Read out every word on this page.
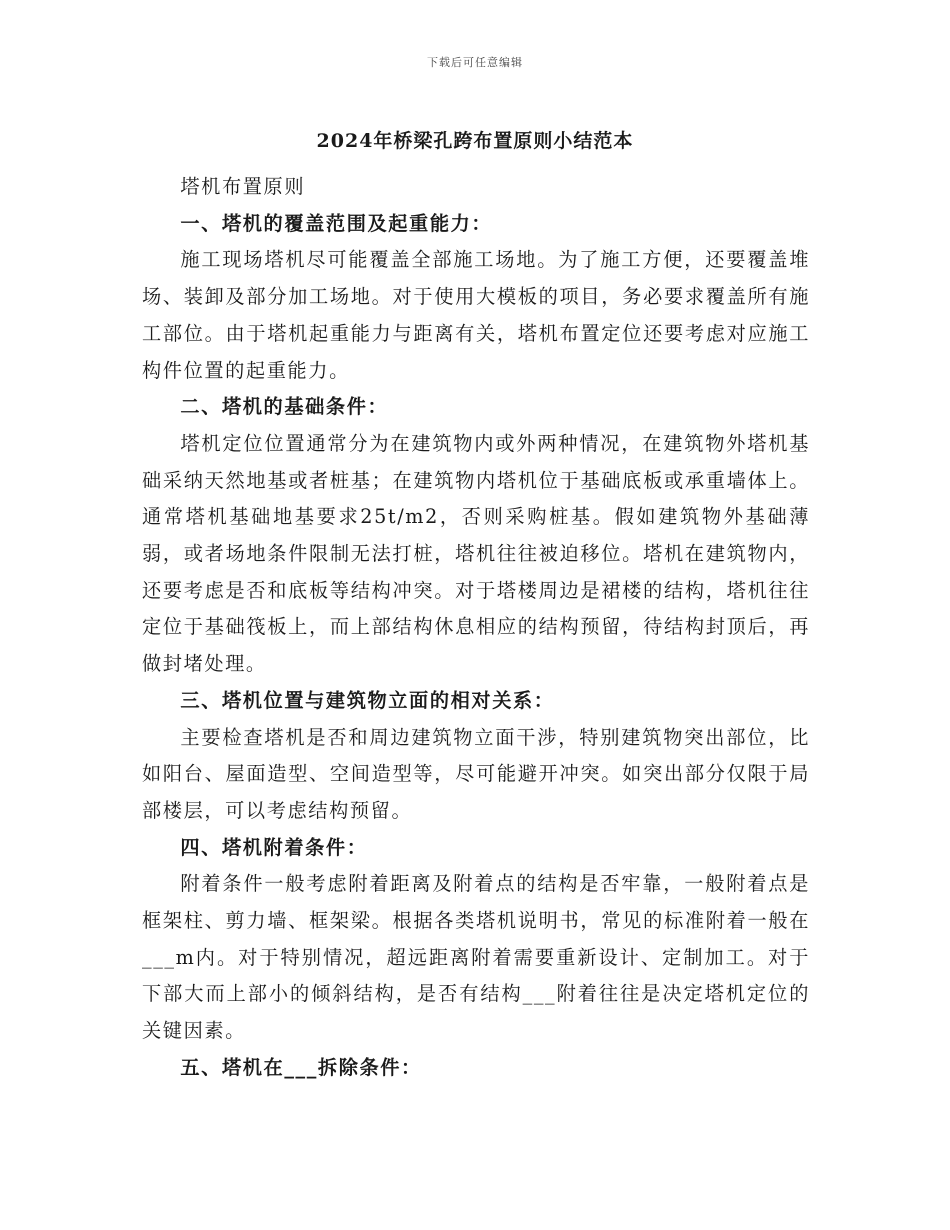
下载后可任意编辑
2024年桥梁孔跨布置原则小结范本

塔机布置原则

一、塔机的覆盖范围及起重能力：

施工现场塔机尽可能覆盖全部施工场地。为了施工方便，还要覆盖堆场、装卸及部分加工场地。对于使用大模板的项目，务必要求覆盖所有施工部位。由于塔机起重能力与距离有关，塔机布置定位还要考虑对应施工构件位置的起重能力。

二、塔机的基础条件：

塔机定位位置通常分为在建筑物内或外两种情况，在建筑物外塔机基础采纳天然地基或者桩基；在建筑物内塔机位于基础底板或承重墙体上。通常塔机基础地基要求25t/m2，否则采购桩基。假如建筑物外基础薄弱，或者场地条件限制无法打桩，塔机往往被迫移位。塔机在建筑物内，还要考虑是否和底板等结构冲突。对于塔楼周边是裙楼的结构，塔机往往定位于基础筏板上，而上部结构休息相应的结构预留，待结构封顶后，再做封堵处理。

三、塔机位置与建筑物立面的相对关系：

主要检查塔机是否和周边建筑物立面干涉，特别建筑物突出部位，比如阳台、屋面造型、空间造型等，尽可能避开冲突。如突出部分仅限于局部楼层，可以考虑结构预留。

四、塔机附着条件：

附着条件一般考虑附着距离及附着点的结构是否牢靠，一般附着点是框架柱、剪力墙、框架梁。根据各类塔机说明书，常见的标准附着一般在___m内。对于特别情况，超远距离附着需要重新设计、定制加工。对于下部大而上部小的倾斜结构，是否有结构___附着往往是决定塔机定位的关键因素。

五、塔机在___拆除条件：
